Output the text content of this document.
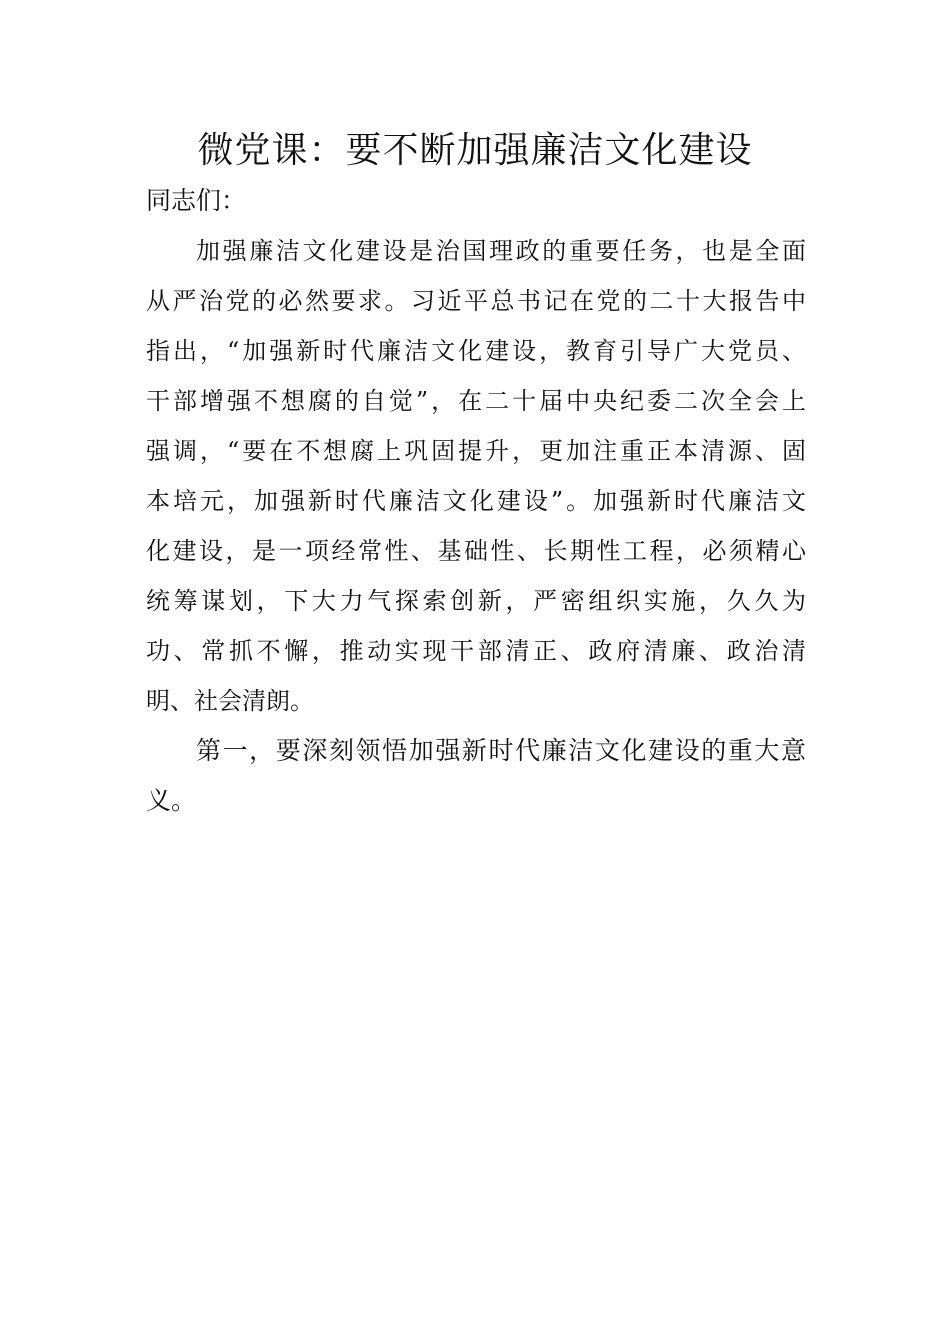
微党课：要不断加强廉洁文化建设
同志们：
加强廉洁文化建设是治国理政的重要任务，也是全面
从严治党的必然要求。习近平总书记在党的二十大报告中
指出，“加强新时代廉洁文化建设，教育引导广大党员、
干部增强不想腐的自觉”，在二十届中央纪委二次全会上
强调，“要在不想腐上巩固提升，更加注重正本清源、固
本培元，加强新时代廉洁文化建设”。加强新时代廉洁文
化建设，是一项经常性、基础性、长期性工程，必须精心
统筹谋划，下大力气探索创新，严密组织实施，久久为
功、常抓不懈，推动实现干部清正、政府清廉、政治清
明、社会清朗。
第一，要深刻领悟加强新时代廉洁文化建设的重大意
义。
